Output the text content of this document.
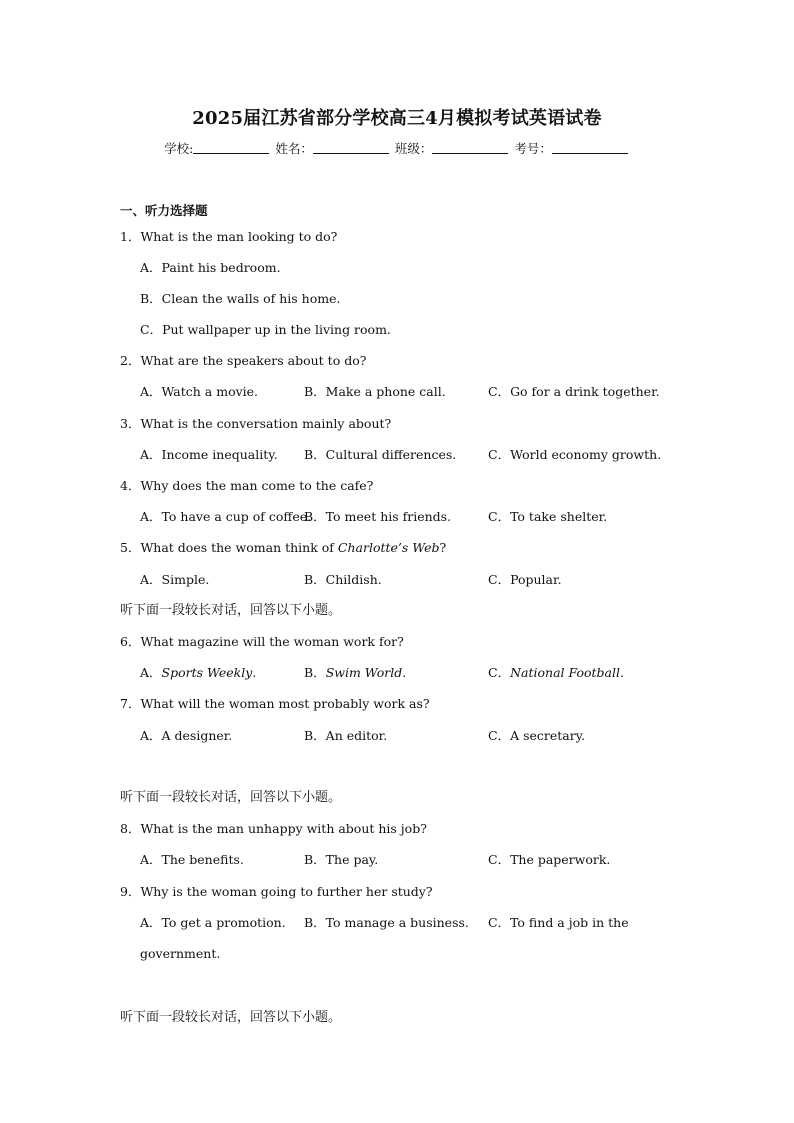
2025届江苏省部分学校高三4月模拟考试英语试卷
学校:	姓名：	班级：	考号：
一、听力选择题
1．What is the man looking to do?
A．Paint his bedroom.
B．Clean the walls of his home.
C．Put wallpaper up in the living room.
2．What are the speakers about to do?
A．Watch a movie.	B．Make a phone call.	C．Go for a drink together.
3．What is the conversation mainly about?
A．Income inequality. B．Cultural differences.	C．World economy growth.
4．Why does the man come to the cafe?
A．To have a cup of coffee.
B．To meet his friends.	C．To take shelter.
5．What does the woman think of Charlotte’s Web?
A．Simple.	B．Childish.	C．Popular.
听下面一段较长对话，回答以下小题。
6．What magazine will the woman work for?
A．Sports Weekly.	B．Swim World.	C．National Football.
7．What will the woman most probably work as?
A．A designer.	B．An editor.	C．A secretary.
听下面一段较长对话，回答以下小题。
8．What is the man unhappy with about his job?
A．The benefits.	B．The pay.	C．The paperwork.
9．Why is the woman going to further her study?
A．To get a promotion. B．To manage a business. C．To find a job in the
government.
听下面一段较长对话，回答以下小题。
